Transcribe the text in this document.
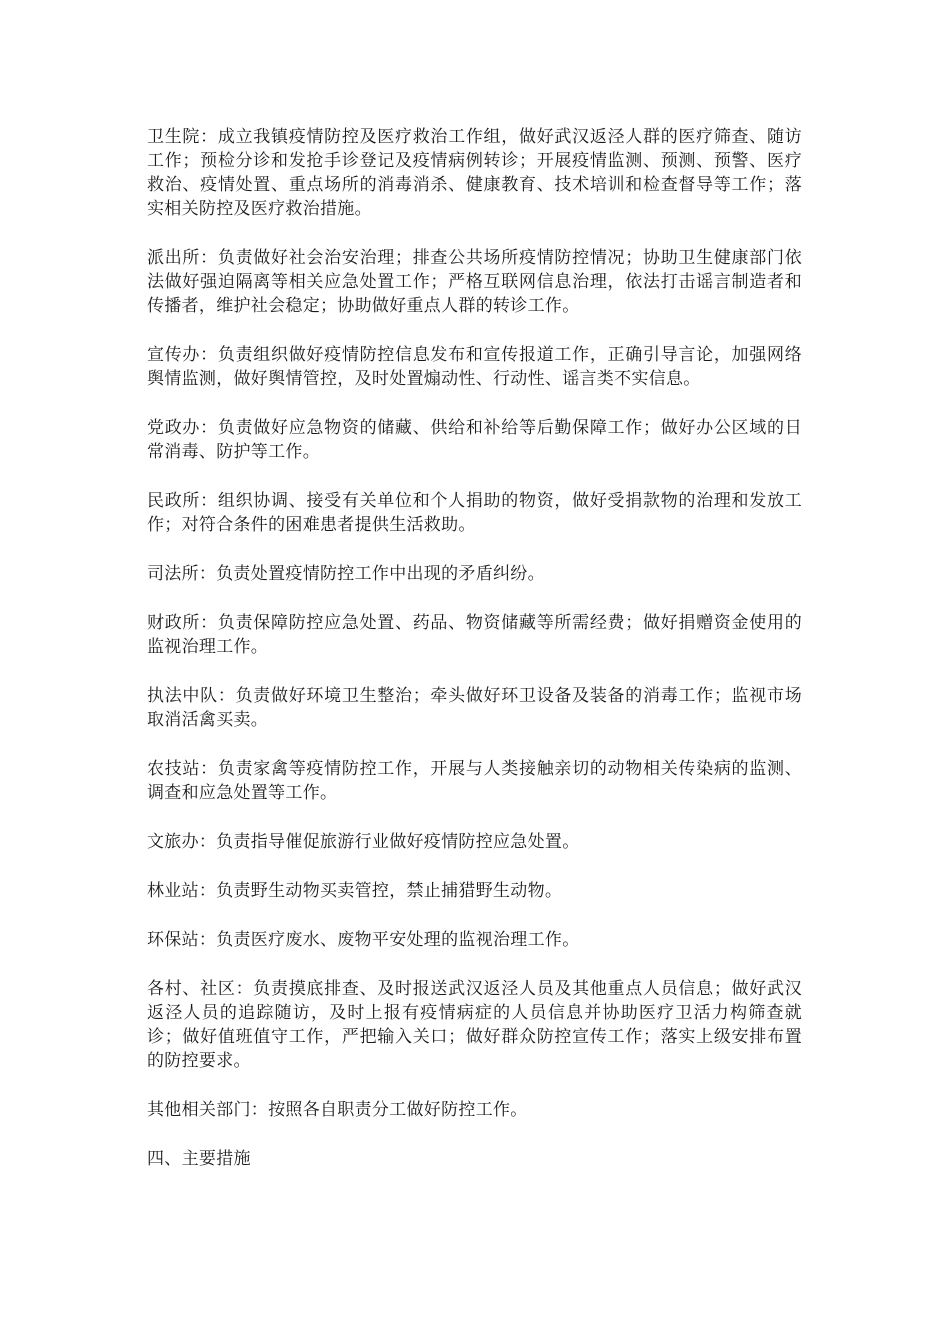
卫生院：成立我镇疫情防控及医疗救治工作组，做好武汉返泾人群的医疗筛查、随访工作；预检分诊和发抢手诊登记及疫情病例转诊；开展疫情监测、预测、预警、医疗救治、疫情处置、重点场所的消毒消杀、健康教育、技术培训和检查督导等工作；落实相关防控及医疗救治措施。

派出所：负责做好社会治安治理；排查公共场所疫情防控情况；协助卫生健康部门依法做好强迫隔离等相关应急处置工作；严格互联网信息治理，依法打击谣言制造者和传播者，维护社会稳定；协助做好重点人群的转诊工作。

宣传办：负责组织做好疫情防控信息发布和宣传报道工作，正确引导言论，加强网络舆情监测，做好舆情管控，及时处置煽动性、行动性、谣言类不实信息。

党政办：负责做好应急物资的储藏、供给和补给等后勤保障工作；做好办公区域的日常消毒、防护等工作。

民政所：组织协调、接受有关单位和个人捐助的物资，做好受捐款物的治理和发放工作；对符合条件的困难患者提供生活救助。

司法所：负责处置疫情防控工作中出现的矛盾纠纷。

财政所：负责保障防控应急处置、药品、物资储藏等所需经费；做好捐赠资金使用的监视治理工作。

执法中队：负责做好环境卫生整治；牵头做好环卫设备及装备的消毒工作；监视市场取消活禽买卖。

农技站：负责家禽等疫情防控工作，开展与人类接触亲切的动物相关传染病的监测、调查和应急处置等工作。

文旅办：负责指导催促旅游行业做好疫情防控应急处置。

林业站：负责野生动物买卖管控，禁止捕猎野生动物。

环保站：负责医疗废水、废物平安处理的监视治理工作。

各村、社区：负责摸底排查、及时报送武汉返泾人员及其他重点人员信息；做好武汉返泾人员的追踪随访，及时上报有疫情病症的人员信息并协助医疗卫活力构筛查就诊；做好值班值守工作，严把输入关口；做好群众防控宣传工作；落实上级安排布置的防控要求。

其他相关部门：按照各自职责分工做好防控工作。

四、主要措施
